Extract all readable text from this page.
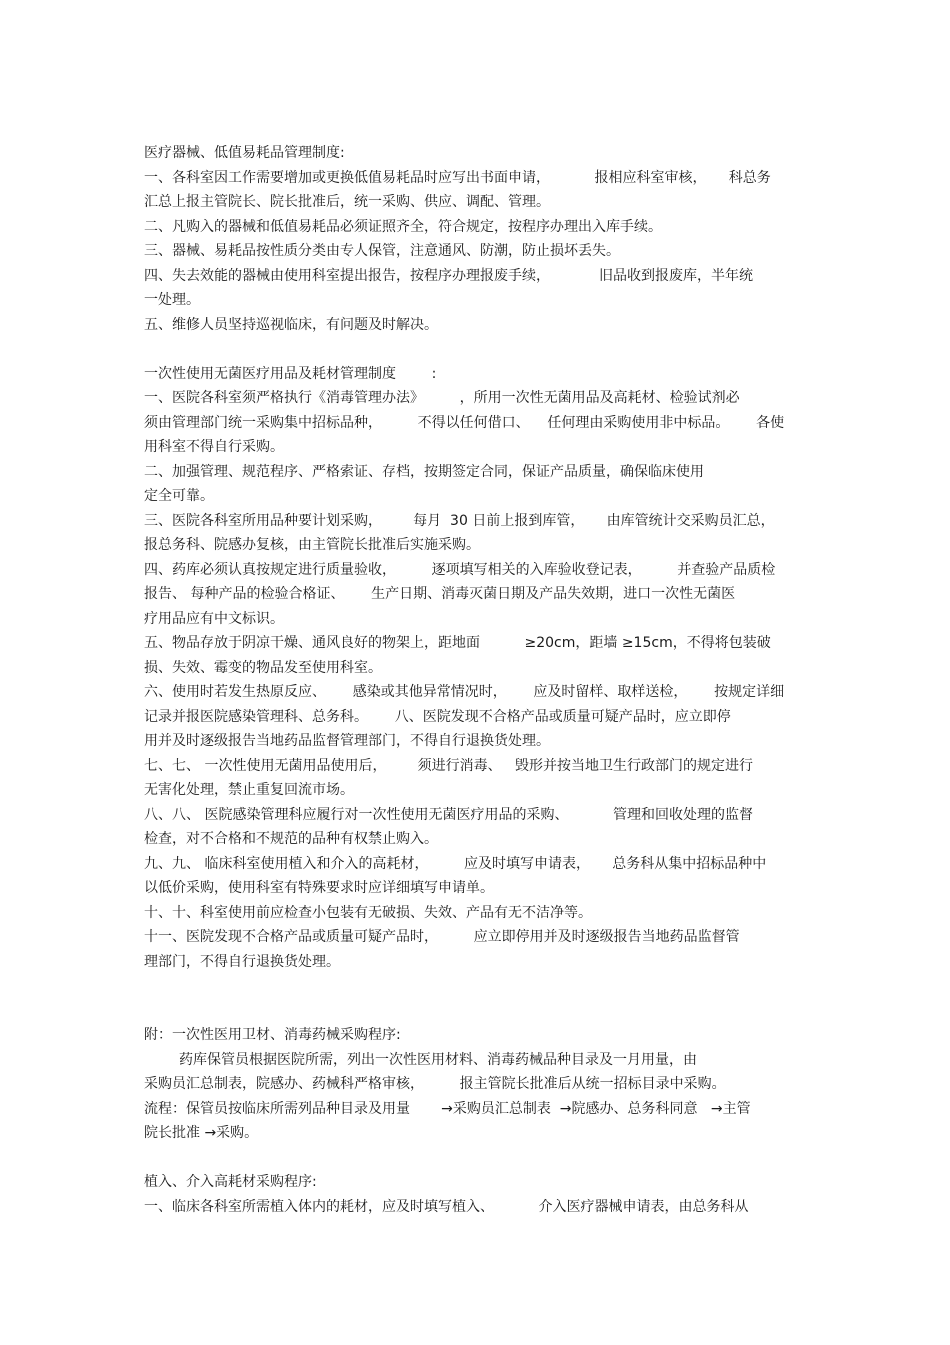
医疗器械、低值易耗品管理制度:
一、各科室因工作需要增加或更换低值易耗品时应写出书面申请，          报相应科室审核，     科总务
汇总上报主管院长、院长批准后，统一采购、供应、调配、管理。
二、凡购入的器械和低值易耗品必须证照齐全，符合规定，按程序办理出入库手续。
三、器械、易耗品按性质分类由专人保管，注意通风、防潮，防止损坏丢失。
四、失去效能的器械由使用科室提出报告，按程序办理报废手续，           旧品收到报废库，半年统
一处理。
五、维修人员坚持巡视临床，有问题及时解决。
一次性使用无菌医疗用品及耗材管理制度        :
一、医院各科室须严格执行《消毒管理办法》        ，所用一次性无菌用品及高耗材、检验试剂必
须由管理部门统一采购集中招标品种，        不得以任何借口、    任何理由采购使用非中标品。      各使
用科室不得自行采购。
二、加强管理、规范程序、严格索证、存档，按期签定合同，保证产品质量，确保临床使用
定全可靠。
三、医院各科室所用品种要计划采购，       每月  30 日前上报到库管，     由库管统计交采购员汇总，
报总务科、院感办复核，由主管院长批准后实施采购。
四、药库必须认真按规定进行质量验收，        逐项填写相关的入库验收登记表，        并查验产品质检
报告、 每种产品的检验合格证、      生产日期、消毒灭菌日期及产品失效期，进口一次性无菌医
疗用品应有中文标识。
五、物品存放于阴凉干燥、通风良好的物架上，距地面          ≥20cm，距墙 ≥15cm，不得将包装破
损、失效、霉变的物品发至使用科室。
六、使用时若发生热原反应、      感染或其他异常情况时，      应及时留样、取样送检，      按规定详细
记录并报医院感染管理科、总务科。      八、医院发现不合格产品或质量可疑产品时，应立即停
用并及时逐级报告当地药品监督管理部门，不得自行退换货处理。
七、七、 一次性使用无菌用品使用后，       须进行消毒、   毁形并按当地卫生行政部门的规定进行
无害化处理，禁止重复回流市场。
八、八、 医院感染管理科应履行对一次性使用无菌医疗用品的采购、          管理和回收处理的监督
检查，对不合格和不规范的品种有权禁止购入。
九、九、 临床科室使用植入和介入的高耗材，        应及时填写申请表，     总务科从集中招标品种中
以低价采购，使用科室有特殊要求时应详细填写申请单。
十、十、科室使用前应检查小包装有无破损、失效、产品有无不洁净等。
十一、医院发现不合格产品或质量可疑产品时，        应立即停用并及时逐级报告当地药品监督管
理部门，不得自行退换货处理。
附：一次性医用卫材、消毒药械采购程序:
药库保管员根据医院所需，列出一次性医用材料、消毒药械品种目录及一月用量，由
采购员汇总制表，院感办、药械科严格审核，        报主管院长批准后从统一招标目录中采购。
流程：保管员按临床所需列品种目录及用量       →采购员汇总制表  →院感办、总务科同意   →主管
院长批准 →采购。
植入、介入高耗材采购程序:
一、临床各科室所需植入体内的耗材，应及时填写植入、          介入医疗器械申请表，由总务科从
